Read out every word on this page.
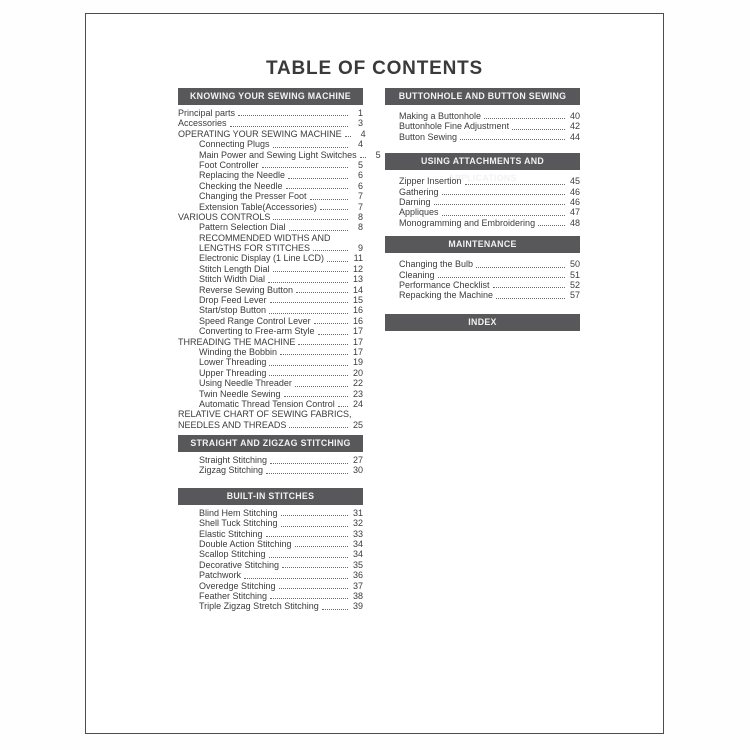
TABLE OF CONTENTS
KNOWING YOUR SEWING MACHINE
Principal parts	1
Accessories	3
OPERATING YOUR SEWING MACHINE	4
Connecting Plugs	4
Main Power and Sewing Light Switches	5
Foot Controller	5
Replacing the Needle	6
Checking the Needle	6
Changing the Presser Foot	7
Extension Table(Accessories)	7
VARIOUS CONTROLS	8
Pattern Selection Dial	8
RECOMMENDED WIDTHS AND
LENGTHS FOR STITCHES	9
Electronic Display (1 Line LCD)	11
Stitch Length Dial	12
Stitch Width Dial	13
Reverse Sewing Button	14
Drop Feed Lever	15
Start/stop Button	16
Speed Range Control Lever	16
Converting to Free-arm Style	17
THREADING THE MACHINE	17
Winding the Bobbin	17
Lower Threading	19
Upper Threading	20
Using Needle Threader	22
Twin Needle Sewing	23
Automatic Thread Tension Control 24
RELATIVE CHART OF SEWING FABRICS,
NEEDLES AND THREADS	25
STRAIGHT AND ZIGZAG STITCHING
Straight Stitching	27
Zigzag Stitching	30
BUILT-IN STITCHES
Blind Hem Stitching	31
Shell Tuck Stitching	32
Elastic Stitching	33
Double Action Stitching	34
Scallop Stitching	34
Decorative Stitching	35
Patchwork	36
Overedge Stitching	37
Feather Stitching	38
Triple Zigzag Stretch Stitching	39
BUTTONHOLE AND BUTTON SEWING
Making a Buttonhole	40
Buttonhole Fine Adjustment	42
Button Sewing	44
USING ATTACHMENTS AND APPLICATIONS
Zipper Insertion	45
Gathering	46
Darning	46
Appliques	47
Monogramming and Embroidering	48
MAINTENANCE
Changing the Bulb	50
Cleaning	51
Performance Checklist	52
Repacking the Machine	57
INDEX
